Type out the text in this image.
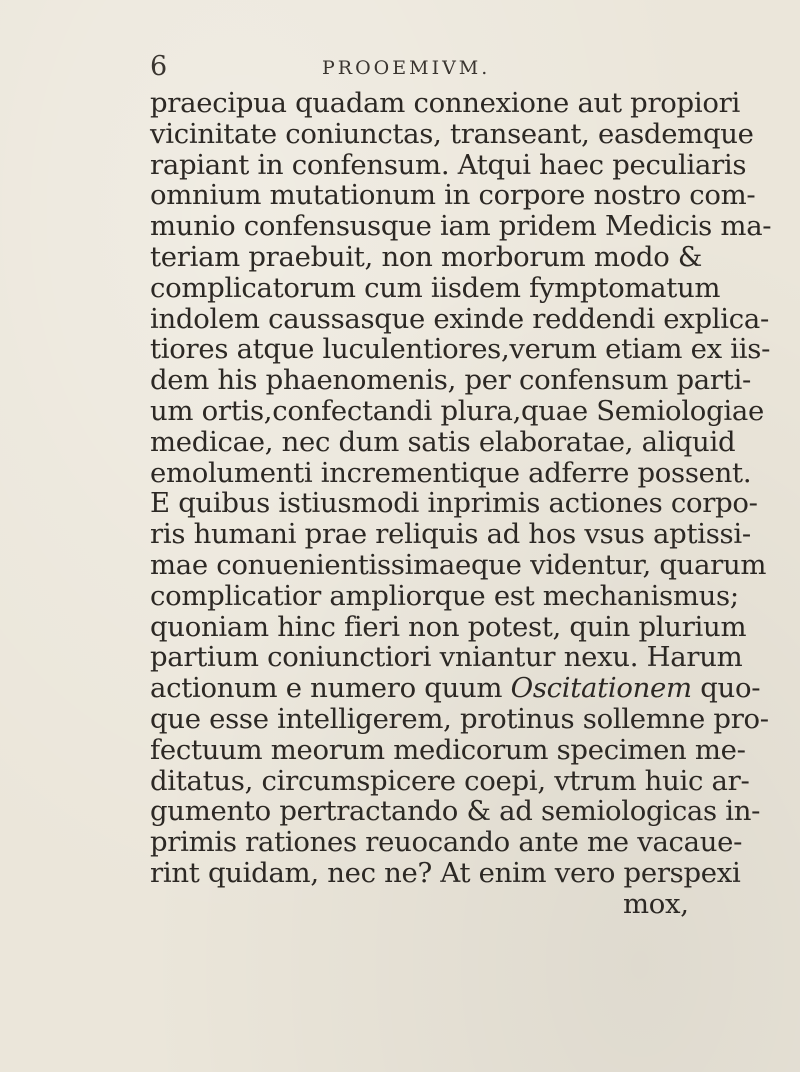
6	PROOEMIVM.
praecipua quadam connexione aut propiori
vicinitate coniunctas, transeant, easdemque
rapiant in confensum. Atqui haec peculiaris
omnium mutationum in corpore nostro com-
munio confensusque iam pridem Medicis ma-
teriam praebuit, non morborum modo &
complicatorum cum iisdem fymptomatum
indolem caussasque exinde reddendi explica-
tiores atque luculentiores,verum etiam ex iis-
dem his phaenomenis, per confensum parti-
um ortis,confectandi plura,quae Semiologiae
medicae, nec dum satis elaboratae, aliquid
emolumenti incrementique adferre possent.
E quibus istiusmodi inprimis actiones corpo-
ris humani prae reliquis ad hos vsus aptissi-
mae conuenientissimaeque videntur, quarum
complicatior ampliorque est mechanismus;
quoniam hinc fieri non potest, quin plurium
partium coniunctiori vniantur nexu. Harum
actionum e numero quum Oscitationem quo-
que esse intelligerem, protinus sollemne pro-
fectuum meorum medicorum specimen me-
ditatus, circumspicere coepi, vtrum huic ar-
gumento pertractando & ad semiologicas in-
primis rationes reuocando ante me vacaue-
rint quidam, nec ne? At enim vero perspexi
mox,
